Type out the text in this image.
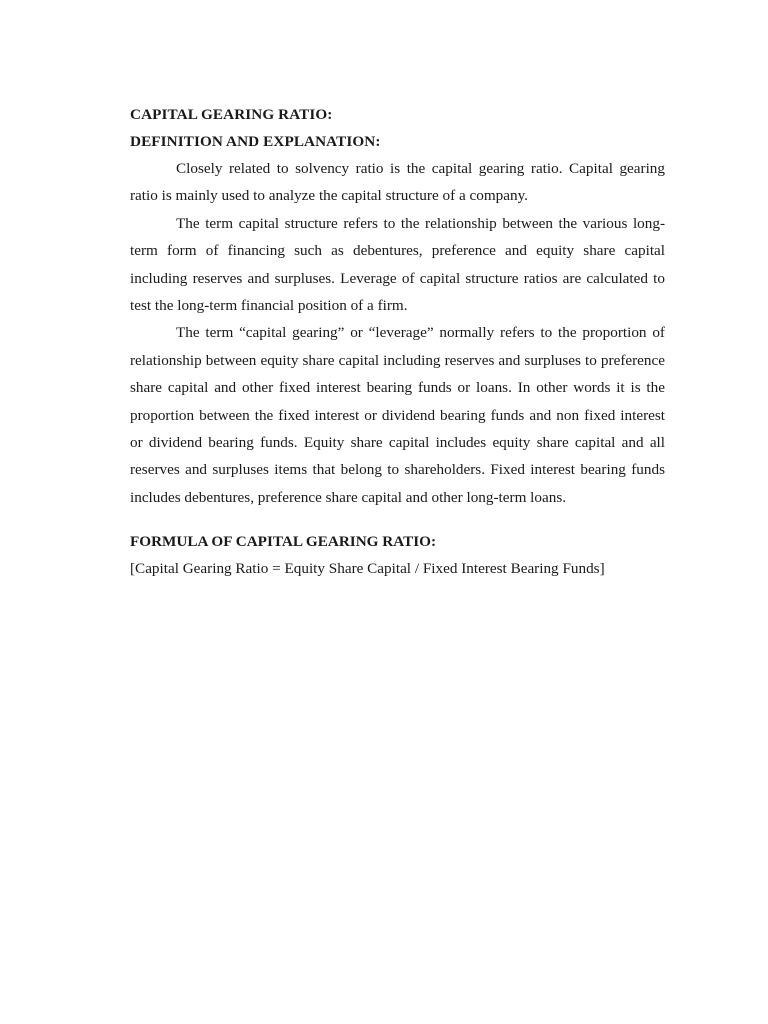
CAPITAL GEARING RATIO:

DEFINITION AND EXPLANATION:

Closely related to solvency ratio is the capital gearing ratio. Capital gearing ratio is mainly used to analyze the capital structure of a company.

The term capital structure refers to the relationship between the various long-term form of financing such as debentures, preference and equity share capital including reserves and surpluses. Leverage of capital structure ratios are calculated to test the long-term financial position of a firm.

The term “capital gearing” or “leverage” normally refers to the proportion of relationship between equity share capital including reserves and surpluses to preference share capital and other fixed interest bearing funds or loans. In other words it is the proportion between the fixed interest or dividend bearing funds and non fixed interest or dividend bearing funds. Equity share capital includes equity share capital and all reserves and surpluses items that belong to shareholders. Fixed interest bearing funds includes debentures, preference share capital and other long-term loans.

FORMULA OF CAPITAL GEARING RATIO:

[Capital Gearing Ratio = Equity Share Capital / Fixed Interest Bearing Funds]
